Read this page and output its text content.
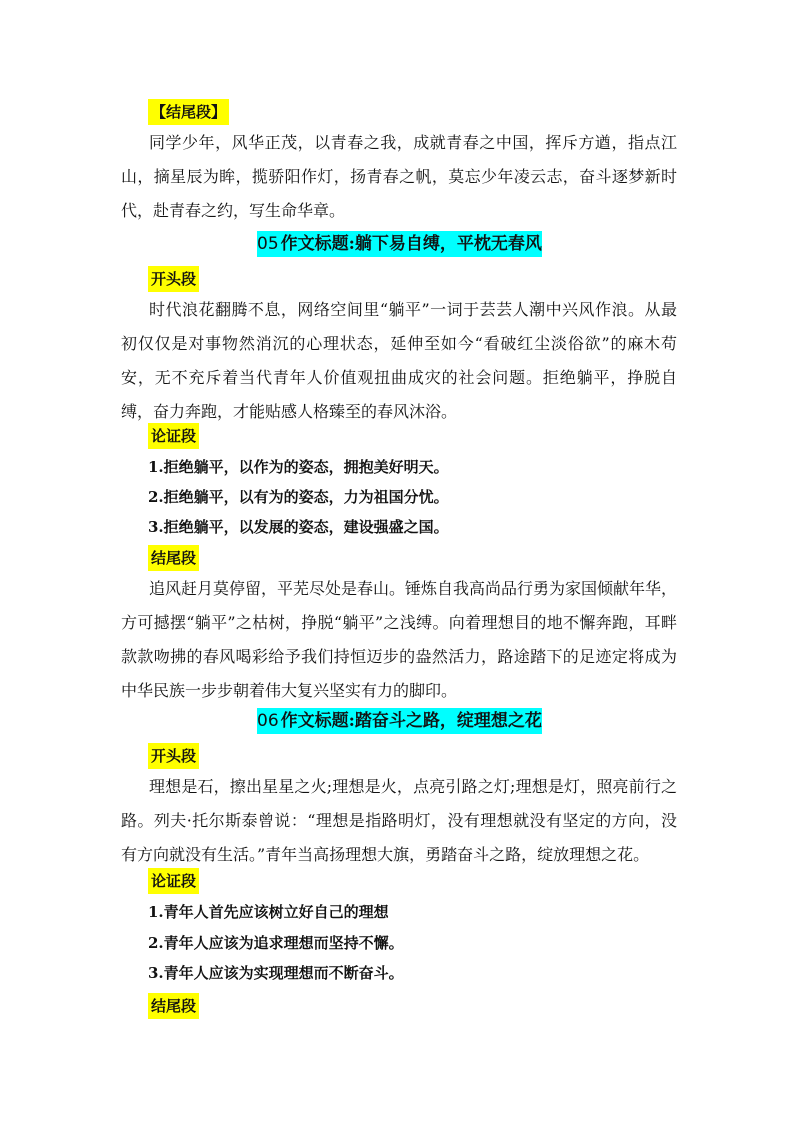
【结尾段】

同学少年，风华正茂，以青春之我，成就青春之中国，挥斥方遒，指点江山，摘星辰为眸，揽骄阳作灯，扬青春之帆，莫忘少年凌云志，奋斗逐梦新时代，赴青春之约，写生命华章。

05 作文标题:躺下易自缚，平枕无春风
开头段

时代浪花翻腾不息，网络空间里“躺平”一词于芸芸人潮中兴风作浪。从最初仅仅是对事物然消沉的心理状态，延伸至如今“看破红尘淡俗欲”的麻木苟安，无不充斥着当代青年人价值观扭曲成灾的社会问题。拒绝躺平，挣脱自缚，奋力奔跑，才能贴感人格臻至的春风沐浴。

论证段
1.拒绝躺平，以作为的姿态，拥抱美好明天。
2.拒绝躺平，以有为的姿态，力为祖国分忧。
3.拒绝躺平，以发展的姿态，建设强盛之国。
结尾段

追风赶月莫停留，平芜尽处是春山。锤炼自我高尚品行勇为家国倾献年华，方可撼摆“躺平”之枯树，挣脱“躺平”之浅缚。向着理想目的地不懈奔跑，耳畔款款吻拂的春风喝彩给予我们持恒迈步的盎然活力，路途踏下的足迹定将成为中华民族一步步朝着伟大复兴坚实有力的脚印。

06 作文标题:踏奋斗之路，绽理想之花
开头段

理想是石，擦出星星之火;理想是火，点亮引路之灯;理想是灯，照亮前行之路。列夫·托尔斯泰曾说：“理想是指路明灯，没有理想就没有坚定的方向，没有方向就没有生活。”青年当高扬理想大旗，勇踏奋斗之路，绽放理想之花。

论证段
1.青年人首先应该树立好自己的理想
2.青年人应该为追求理想而坚持不懈。
3.青年人应该为实现理想而不断奋斗。
结尾段
